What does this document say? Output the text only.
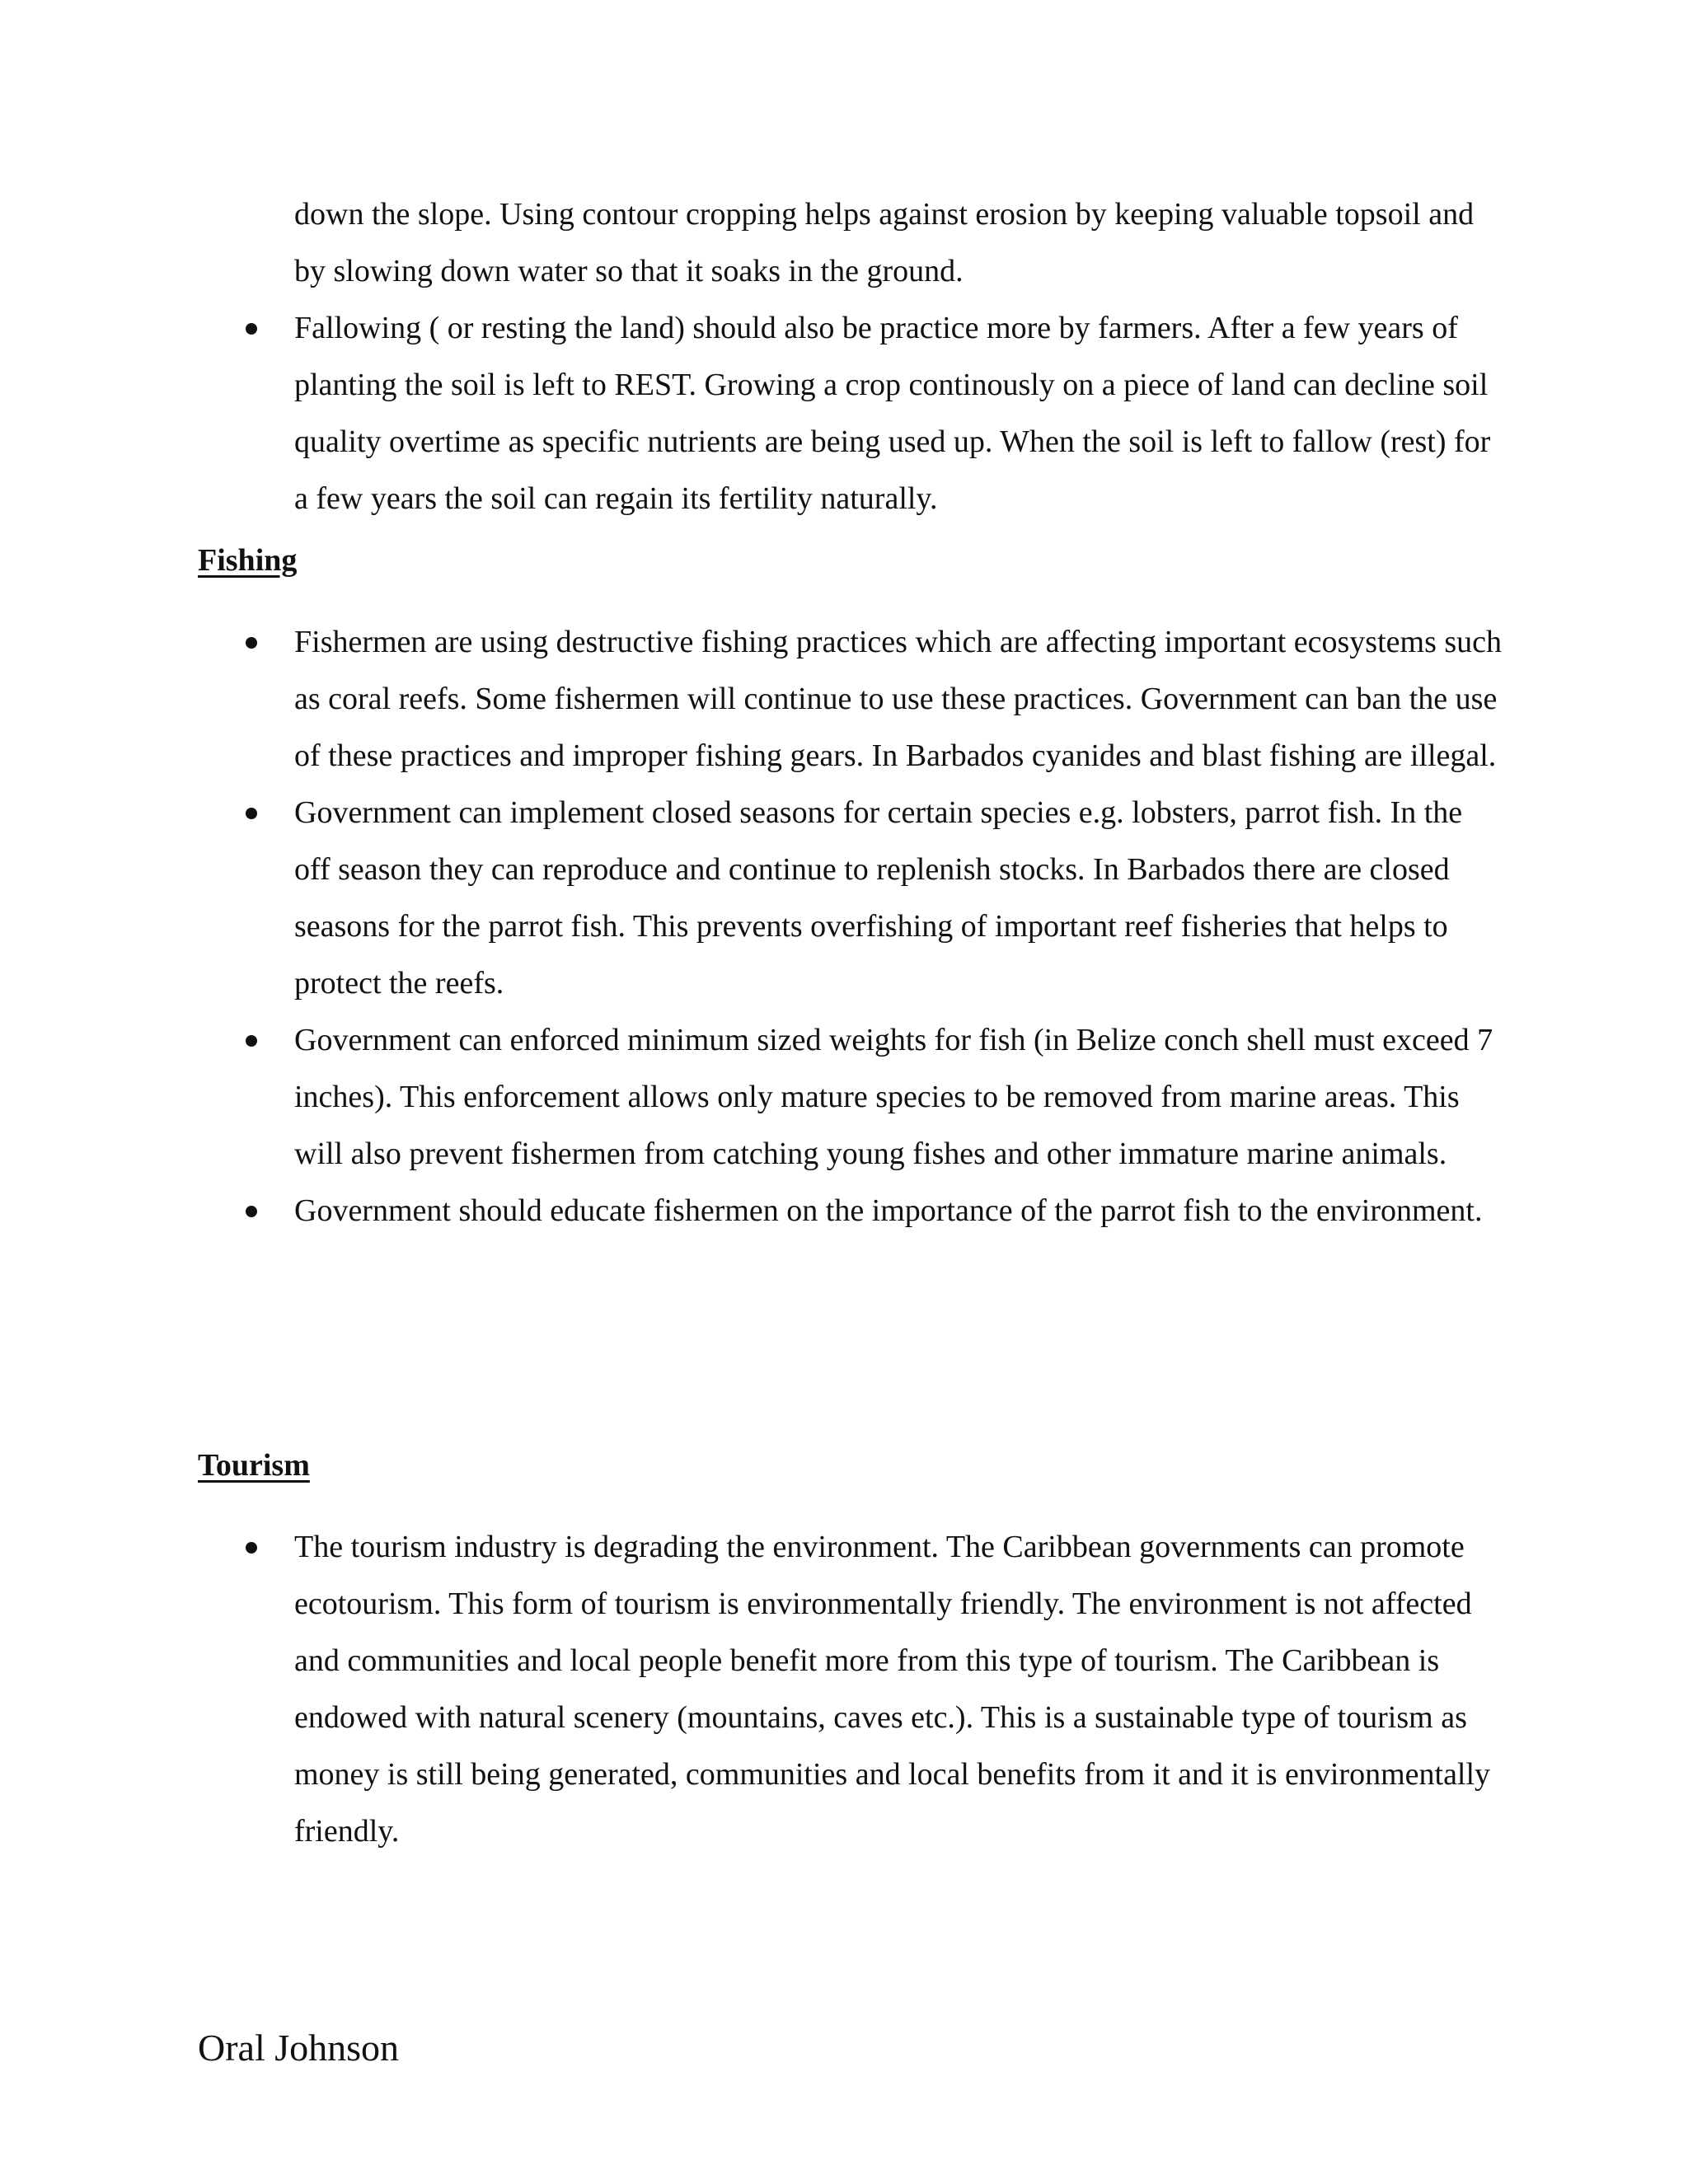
down the slope. Using contour cropping helps against erosion by keeping valuable topsoil and by slowing down water so that it soaks in the ground.
Fallowing ( or resting the land) should also be practice more by farmers. After a few years of planting the soil is left to REST. Growing a crop continously on a piece of land can decline soil quality overtime as specific nutrients are being used up. When the soil is left to fallow (rest) for a few years the soil can regain its fertility naturally.
Fishing
Fishermen are using destructive fishing practices which are affecting important ecosystems such as coral reefs. Some fishermen will continue to use these practices. Government can ban the use of these practices and improper fishing gears. In Barbados cyanides and blast fishing are illegal.
Government can implement closed seasons for certain species e.g. lobsters, parrot fish. In the off season they can reproduce and continue to replenish stocks. In Barbados there are closed seasons for the parrot fish. This prevents overfishing of important reef fisheries that helps to protect the reefs.
Government can enforced minimum sized weights for fish (in Belize conch shell must exceed 7 inches). This enforcement allows only mature species to be removed from marine areas. This will also prevent fishermen from catching young fishes and other immature marine animals.
Government should educate fishermen on the importance of the parrot fish to the environment.
Tourism
The tourism industry is degrading the environment. The Caribbean governments can promote ecotourism. This form of tourism is environmentally friendly. The environment is not affected and communities and local people benefit more from this type of tourism. The Caribbean is endowed with natural scenery (mountains, caves etc.). This is a sustainable type of tourism as money is still being generated, communities and local benefits from it and it is environmentally friendly.
Oral Johnson
